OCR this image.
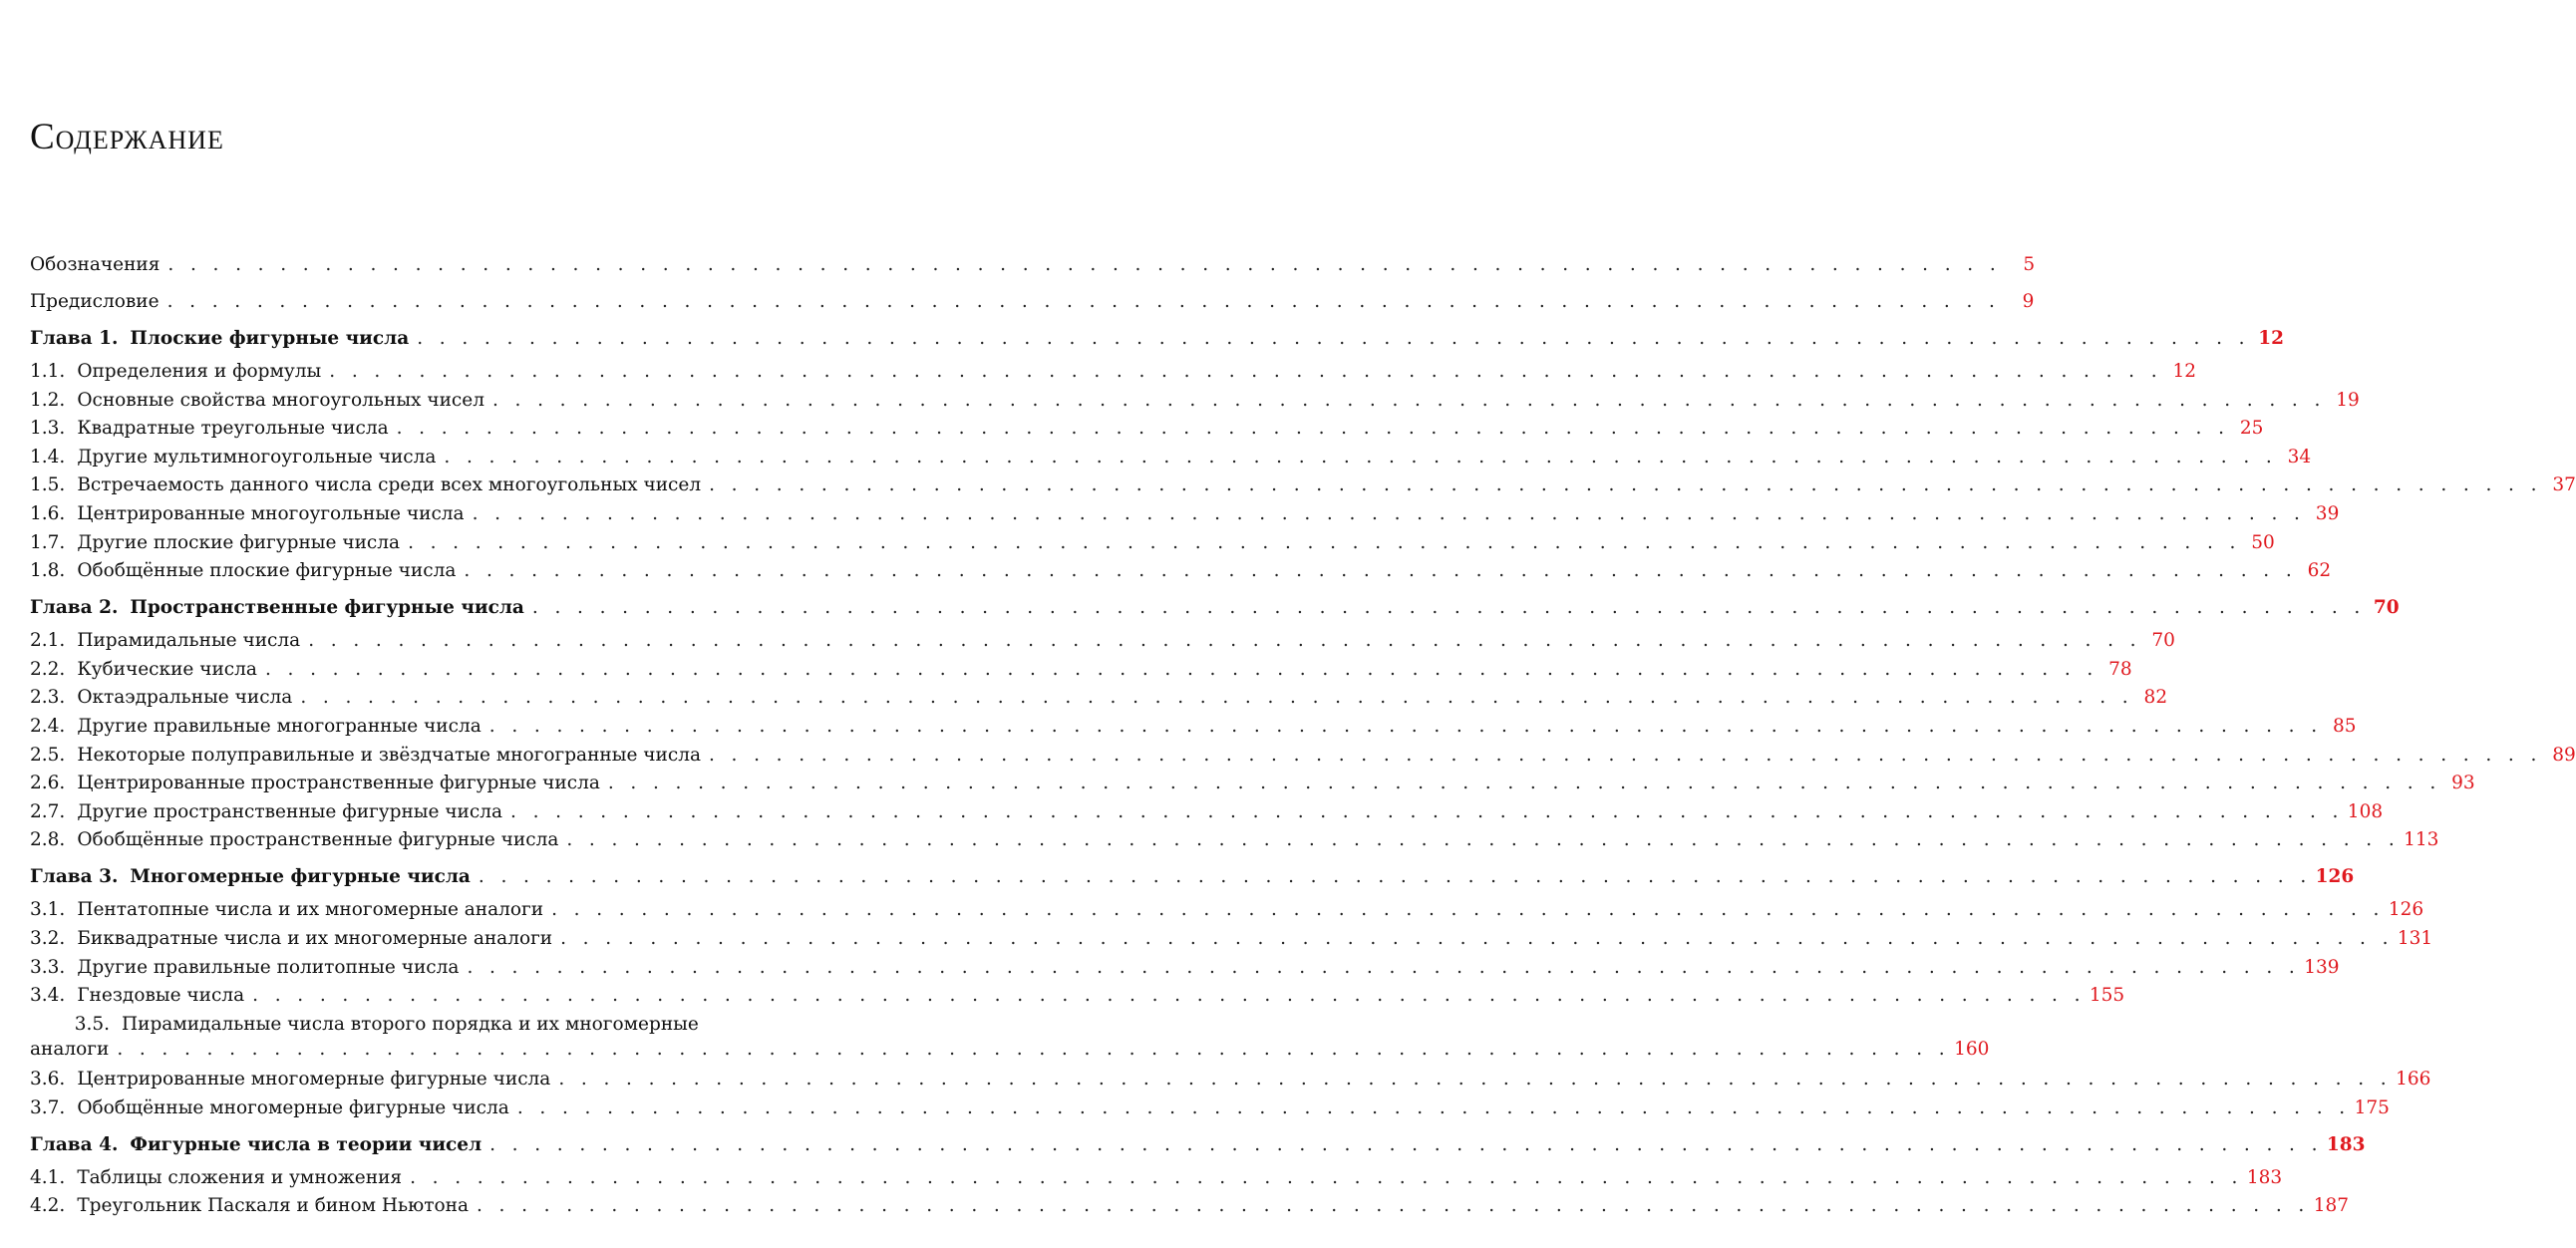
Содержание
Обозначения . . . . . . . . . . . . . . . . . . . . . . . . . . . . . . . . . . . . . . . . . . . . . . . . . . . . . . . . . . . . . . . . . . . . . . . . . . . . . . . . . .	5
Предисловие . . . . . . . . . . . . . . . . . . . . . . . . . . . . . . . . . . . . . . . . . . . . . . . . . . . . . . . . . . . . . . . . . . . . . . . . . . . . . . . . . .	9
Глава 1. Плоские фигурные числа . . . . . . . . . . . . . . . . . . . . . . . . . . . . . . . . . . . . . . . . . . . . . . . . . . . . . . . . . . . . . . . . . . . . . . . . . . . . . . . . . . 12
1.1. Определения и формулы . . . . . . . . . . . . . . . . . . . . . . . . . . . . . . . . . . . . . . . . . . . . . . . . . . . . . . . . . . . . . . . . . . . . . . . . . . . . . . . . . . 12
1.2. Основные свойства многоугольных чисел . . . . . . . . . . . . . . . . . . . . . . . . . . . . . . . . . . . . . . . . . . . . . . . . . . . . . . . . . . . . . . . . . . . . . . . . . . . . . . . . . . 19
1.3. Квадратные треугольные числа . . . . . . . . . . . . . . . . . . . . . . . . . . . . . . . . . . . . . . . . . . . . . . . . . . . . . . . . . . . . . . . . . . . . . . . . . . . . . . . . . . 25
1.4. Другие мультимногоугольные числа . . . . . . . . . . . . . . . . . . . . . . . . . . . . . . . . . . . . . . . . . . . . . . . . . . . . . . . . . . . . . . . . . . . . . . . . . . . . . . . . . . 34
1.5. Встречаемость данного числа среди всех многоугольных чисел . . . . . . . . . . . . . . . . . . . . . . . . . . . . . . . . . . . . . . . . . . . . . . . . . . . . . . . . . . . . . . . . . . . . . . . . . . . . . . . . . . 37
1.6. Центрированные многоугольные числа . . . . . . . . . . . . . . . . . . . . . . . . . . . . . . . . . . . . . . . . . . . . . . . . . . . . . . . . . . . . . . . . . . . . . . . . . . . . . . . . . . 39
1.7. Другие плоские фигурные числа . . . . . . . . . . . . . . . . . . . . . . . . . . . . . . . . . . . . . . . . . . . . . . . . . . . . . . . . . . . . . . . . . . . . . . . . . . . . . . . . . . 50
1.8. Обобщённые плоские фигурные числа . . . . . . . . . . . . . . . . . . . . . . . . . . . . . . . . . . . . . . . . . . . . . . . . . . . . . . . . . . . . . . . . . . . . . . . . . . . . . . . . . . 62
Глава 2. Пространственные фигурные числа . . . . . . . . . . . . . . . . . . . . . . . . . . . . . . . . . . . . . . . . . . . . . . . . . . . . . . . . . . . . . . . . . . . . . . . . . . . . . . . . . . 70
2.1. Пирамидальные числа . . . . . . . . . . . . . . . . . . . . . . . . . . . . . . . . . . . . . . . . . . . . . . . . . . . . . . . . . . . . . . . . . . . . . . . . . . . . . . . . . . 70
2.2. Кубические числа . . . . . . . . . . . . . . . . . . . . . . . . . . . . . . . . . . . . . . . . . . . . . . . . . . . . . . . . . . . . . . . . . . . . . . . . . . . . . . . . . . 78
2.3. Октаэдральные числа . . . . . . . . . . . . . . . . . . . . . . . . . . . . . . . . . . . . . . . . . . . . . . . . . . . . . . . . . . . . . . . . . . . . . . . . . . . . . . . . . . 82
2.4. Другие правильные многогранные числа . . . . . . . . . . . . . . . . . . . . . . . . . . . . . . . . . . . . . . . . . . . . . . . . . . . . . . . . . . . . . . . . . . . . . . . . . . . . . . . . . . 85
2.5. Некоторые полуправильные и звёздчатые многогранные числа . . . . . . . . . . . . . . . . . . . . . . . . . . . . . . . . . . . . . . . . . . . . . . . . . . . . . . . . . . . . . . . . . . . . . . . . . . . . . . . . . . 89
2.6. Центрированные пространственные фигурные числа . . . . . . . . . . . . . . . . . . . . . . . . . . . . . . . . . . . . . . . . . . . . . . . . . . . . . . . . . . . . . . . . . . . . . . . . . . . . . . . . . . 93
2.7. Другие пространственные фигурные числа . . . . . . . . . . . . . . . . . . . . . . . . . . . . . . . . . . . . . . . . . . . . . . . . . . . . . . . . . . . . . . . . . . . . . . . . . . . . . . . . . . 108
2.8. Обобщённые пространственные фигурные числа . . . . . . . . . . . . . . . . . . . . . . . . . . . . . . . . . . . . . . . . . . . . . . . . . . . . . . . . . . . . . . . . . . . . . . . . . . . . . . . . . . 113
Глава 3. Многомерные фигурные числа . . . . . . . . . . . . . . . . . . . . . . . . . . . . . . . . . . . . . . . . . . . . . . . . . . . . . . . . . . . . . . . . . . . . . . . . . . . . . . . . . . 126
3.1. Пентатопные числа и их многомерные аналоги . . . . . . . . . . . . . . . . . . . . . . . . . . . . . . . . . . . . . . . . . . . . . . . . . . . . . . . . . . . . . . . . . . . . . . . . . . . . . . . . . . 126
3.2. Биквадратные числа и их многомерные аналоги . . . . . . . . . . . . . . . . . . . . . . . . . . . . . . . . . . . . . . . . . . . . . . . . . . . . . . . . . . . . . . . . . . . . . . . . . . . . . . . . . . 131
3.3. Другие правильные политопные числа . . . . . . . . . . . . . . . . . . . . . . . . . . . . . . . . . . . . . . . . . . . . . . . . . . . . . . . . . . . . . . . . . . . . . . . . . . . . . . . . . . 139
3.4. Гнездовые числа . . . . . . . . . . . . . . . . . . . . . . . . . . . . . . . . . . . . . . . . . . . . . . . . . . . . . . . . . . . . . . . . . . . . . . . . . . . . . . . . . . 155
3.5. Пирамидальные числа второго порядка и их многомерные
аналоги . . . . . . . . . . . . . . . . . . . . . . . . . . . . . . . . . . . . . . . . . . . . . . . . . . . . . . . . . . . . . . . . . . . . . . . . . . . . . . . . . . 160
3.6. Центрированные многомерные фигурные числа . . . . . . . . . . . . . . . . . . . . . . . . . . . . . . . . . . . . . . . . . . . . . . . . . . . . . . . . . . . . . . . . . . . . . . . . . . . . . . . . . . 166
3.7. Обобщённые многомерные фигурные числа . . . . . . . . . . . . . . . . . . . . . . . . . . . . . . . . . . . . . . . . . . . . . . . . . . . . . . . . . . . . . . . . . . . . . . . . . . . . . . . . . . 175
Глава 4. Фигурные числа в теории чисел . . . . . . . . . . . . . . . . . . . . . . . . . . . . . . . . . . . . . . . . . . . . . . . . . . . . . . . . . . . . . . . . . . . . . . . . . . . . . . . . . . 183
4.1. Таблицы сложения и умножения . . . . . . . . . . . . . . . . . . . . . . . . . . . . . . . . . . . . . . . . . . . . . . . . . . . . . . . . . . . . . . . . . . . . . . . . . . . . . . . . . . 183
4.2. Треугольник Паскаля и бином Ньютона . . . . . . . . . . . . . . . . . . . . . . . . . . . . . . . . . . . . . . . . . . . . . . . . . . . . . . . . . . . . . . . . . . . . . . . . . . . . . . . . . . 187
